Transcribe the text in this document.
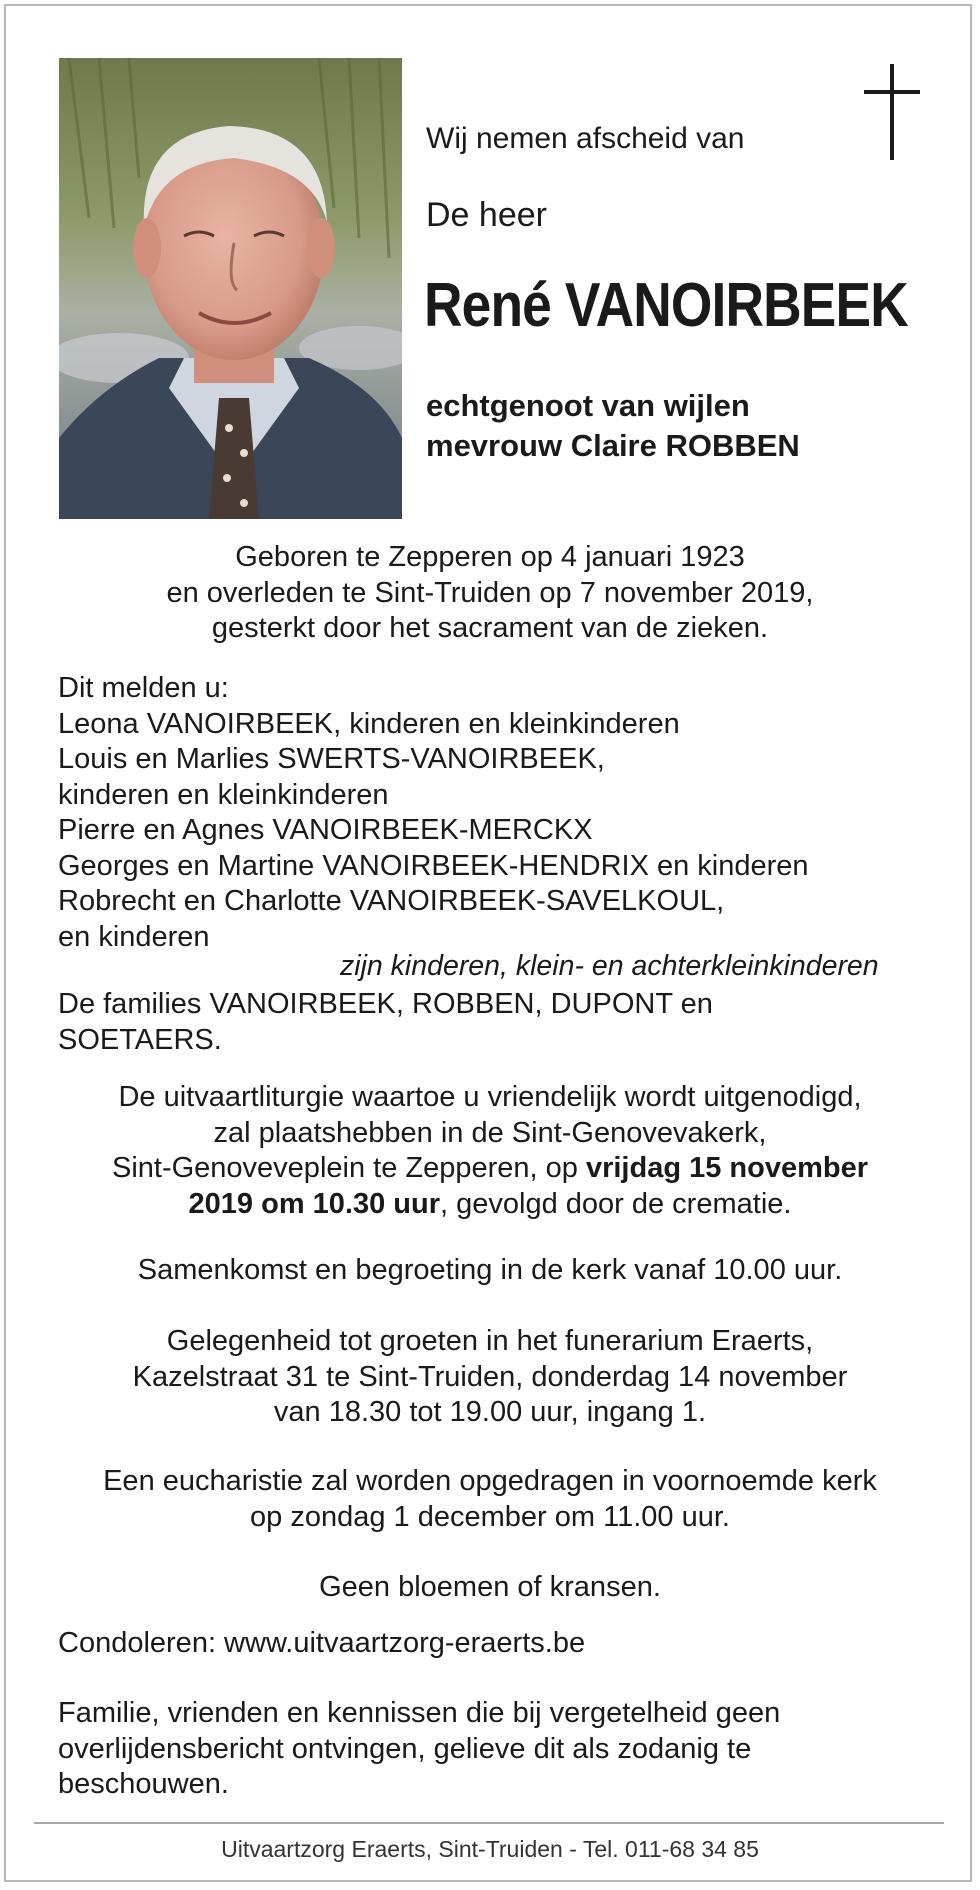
Wij nemen afscheid van
De heer
René VANOIRBEEK
echtgenoot van wijlen
mevrouw Claire ROBBEN
Geboren te Zepperen op 4 januari 1923
en overleden te Sint-Truiden op 7 november 2019,
gesterkt door het sacrament van de zieken.
Dit melden u:
Leona VANOIRBEEK, kinderen en kleinkinderen
Louis en Marlies SWERTS-VANOIRBEEK,
kinderen en kleinkinderen
Pierre en Agnes VANOIRBEEK-MERCKX
Georges en Martine VANOIRBEEK-HENDRIX en kinderen
Robrecht en Charlotte VANOIRBEEK-SAVELKOUL,
en kinderen
zijn kinderen, klein- en achterkleinkinderen
De families VANOIRBEEK, ROBBEN, DUPONT en
SOETAERS.
De uitvaartliturgie waartoe u vriendelijk wordt uitgenodigd,
zal plaatshebben in de Sint-Genovevakerk,
Sint-Genoveveplein te Zepperen, op vrijdag 15 november
2019 om 10.30 uur, gevolgd door de crematie.
Samenkomst en begroeting in de kerk vanaf 10.00 uur.
Gelegenheid tot groeten in het funerarium Eraerts,
Kazelstraat 31 te Sint-Truiden, donderdag 14 november
van 18.30 tot 19.00 uur, ingang 1.
Een eucharistie zal worden opgedragen in voornoemde kerk
op zondag 1 december om 11.00 uur.
Geen bloemen of kransen.
Condoleren: www.uitvaartzorg-eraerts.be
Familie, vrienden en kennissen die bij vergetelheid geen
overlijdensbericht ontvingen, gelieve dit als zodanig te
beschouwen.
Uitvaartzorg Eraerts, Sint-Truiden - Tel. 011-68 34 85
